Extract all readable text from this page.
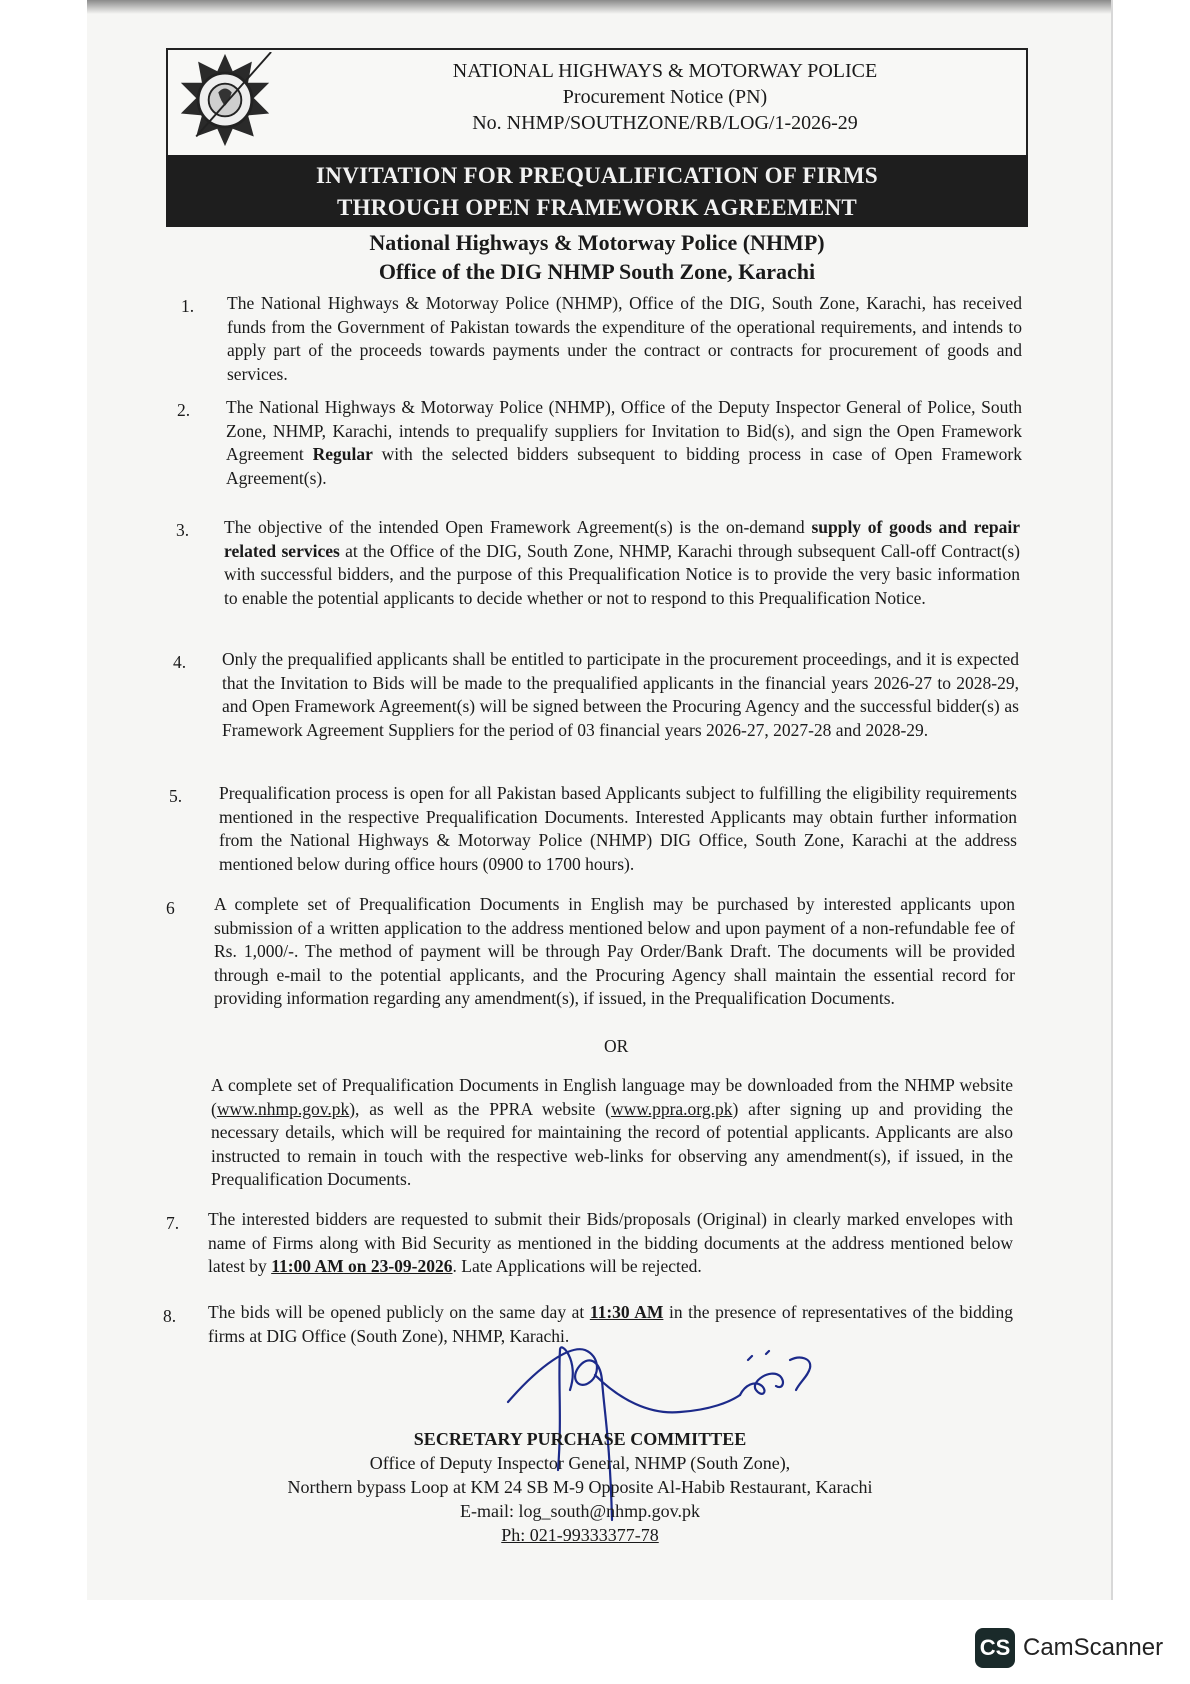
NATIONAL HIGHWAYS & MOTORWAY POLICE
Procurement Notice (PN)
No. NHMP/SOUTHZONE/RB/LOG/1-2026-29
INVITATION FOR PREQUALIFICATION OF FIRMS
THROUGH OPEN FRAMEWORK AGREEMENT
National Highways & Motorway Police (NHMP)
Office of the DIG NHMP South Zone, Karachi
1. The National Highways & Motorway Police (NHMP), Office of the DIG, South Zone, Karachi, has received funds from the Government of Pakistan towards the expenditure of the operational requirements, and intends to apply part of the proceeds towards payments under the contract or contracts for procurement of goods and services.
2. The National Highways & Motorway Police (NHMP), Office of the Deputy Inspector General of Police, South Zone, NHMP, Karachi, intends to prequalify suppliers for Invitation to Bid(s), and sign the Open Framework Agreement Regular with the selected bidders subsequent to bidding process in case of Open Framework Agreement(s).
3. The objective of the intended Open Framework Agreement(s) is the on-demand supply of goods and repair related services at the Office of the DIG, South Zone, NHMP, Karachi through subsequent Call-off Contract(s) with successful bidders, and the purpose of this Prequalification Notice is to provide the very basic information to enable the potential applicants to decide whether or not to respond to this Prequalification Notice.
4. Only the prequalified applicants shall be entitled to participate in the procurement proceedings, and it is expected that the Invitation to Bids will be made to the prequalified applicants in the financial years 2026-27 to 2028-29, and Open Framework Agreement(s) will be signed between the Procuring Agency and the successful bidder(s) as Framework Agreement Suppliers for the period of 03 financial years 2026-27, 2027-28 and 2028-29.
5. Prequalification process is open for all Pakistan based Applicants subject to fulfilling the eligibility requirements mentioned in the respective Prequalification Documents. Interested Applicants may obtain further information from the National Highways & Motorway Police (NHMP) DIG Office, South Zone, Karachi at the address mentioned below during office hours (0900 to 1700 hours).
6 A complete set of Prequalification Documents in English may be purchased by interested applicants upon submission of a written application to the address mentioned below and upon payment of a non-refundable fee of Rs. 1,000/-. The method of payment will be through Pay Order/Bank Draft. The documents will be provided through e-mail to the potential applicants, and the Procuring Agency shall maintain the essential record for providing information regarding any amendment(s), if issued, in the Prequalification Documents.
OR
A complete set of Prequalification Documents in English language may be downloaded from the NHMP website (www.nhmp.gov.pk), as well as the PPRA website (www.ppra.org.pk) after signing up and providing the necessary details, which will be required for maintaining the record of potential applicants. Applicants are also instructed to remain in touch with the respective web-links for observing any amendment(s), if issued, in the Prequalification Documents.
7. The interested bidders are requested to submit their Bids/proposals (Original) in clearly marked envelopes with name of Firms along with Bid Security as mentioned in the bidding documents at the address mentioned below latest by 11:00 AM on 23-09-2026. Late Applications will be rejected.
8. The bids will be opened publicly on the same day at 11:30 AM in the presence of representatives of the bidding firms at DIG Office (South Zone), NHMP, Karachi.
SECRETARY PURCHASE COMMITTEE
Office of Deputy Inspector General, NHMP (South Zone),
Northern bypass Loop at KM 24 SB M-9 Opposite Al-Habib Restaurant, Karachi
E-mail: log_south@nhmp.gov.pk
Ph: 021-99333377-78
CS CamScanner
